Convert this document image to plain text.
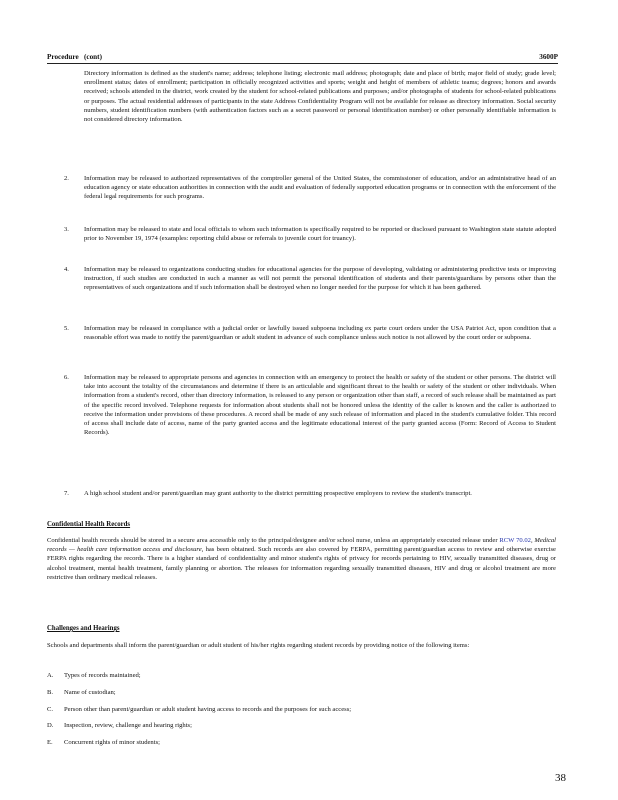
Procedure (cont)	3600P

Directory information is defined as the student's name; address; telephone listing; electronic mail address; photograph; date and place of birth; major field of study; grade level; enrollment status; dates of enrollment; participation in officially recognized activities and sports; weight and height of members of athletic teams; degrees; honors and awards received; schools attended in the district, work created by the student for school-related publications and purposes; and/or photographs of students for school-related publications or purposes. The actual residential addresses of participants in the state Address Confidentiality Program will not be available for release as directory information. Social security numbers, student identification numbers (with authentication factors such as a secret password or personal identification number) or other personally identifiable information is not considered directory information.

2. Information may be released to authorized representatives of the comptroller general of the United States, the commissioner of education, and/or an administrative head of an education agency or state education authorities in connection with the audit and evaluation of federally supported education programs or in connection with the enforcement of the federal legal requirements for such programs.

3. Information may be released to state and local officials to whom such information is specifically required to be reported or disclosed pursuant to Washington state statute adopted prior to November 19, 1974 (examples: reporting child abuse or referrals to juvenile court for truancy).

4. Information may be released to organizations conducting studies for educational agencies for the purpose of developing, validating or administering predictive tests or improving instruction, if such studies are conducted in such a manner as will not permit the personal identification of students and their parents/guardians by persons other than the representatives of such organizations and if such information shall be destroyed when no longer needed for the purpose for which it has been gathered.

5. Information may be released in compliance with a judicial order or lawfully issued subpoena including ex parte court orders under the USA Patriot Act, upon condition that a reasonable effort was made to notify the parent/guardian or adult student in advance of such compliance unless such notice is not allowed by the court order or subpoena.

6. Information may be released to appropriate persons and agencies in connection with an emergency to protect the health or safety of the student or other persons. The district will take into account the totality of the circumstances and determine if there is an articulable and significant threat to the health or safety of the student or other individuals. When information from a student's record, other than directory information, is released to any person or organization other than staff, a record of such release shall be maintained as part of the specific record involved. Telephone requests for information about students shall not be honored unless the identity of the caller is known and the caller is authorized to receive the information under provisions of these procedures. A record shall be made of any such release of information and placed in the student's cumulative folder. This record of access shall include date of access, name of the party granted access and the legitimate educational interest of the party granted access (Form: Record of Access to Student Records).

7. A high school student and/or parent/guardian may grant authority to the district permitting prospective employers to review the student's transcript.

Confidential Health Records

Confidential health records should be stored in a secure area accessible only to the principal/designee and/or school nurse, unless an appropriately executed release under RCW 70.02, Medical records — health care information access and disclosure, has been obtained. Such records are also covered by FERPA, permitting parent/guardian access to review and otherwise exercise FERPA rights regarding the records. There is a higher standard of confidentiality and minor student's rights of privacy for records pertaining to HIV, sexually transmitted diseases, drug or alcohol treatment, mental health treatment, family planning or abortion. The releases for information regarding sexually transmitted diseases, HIV and drug or alcohol treatment are more restrictive than ordinary medical releases.

Challenges and Hearings

Schools and departments shall inform the parent/guardian or adult student of his/her rights regarding student records by providing notice of the following items:

A. Types of records maintained;

B. Name of custodian;

C. Person other than parent/guardian or adult student having access to records and the purposes for such access;

D. Inspection, review, challenge and hearing rights;

E. Concurrent rights of minor students;

38
